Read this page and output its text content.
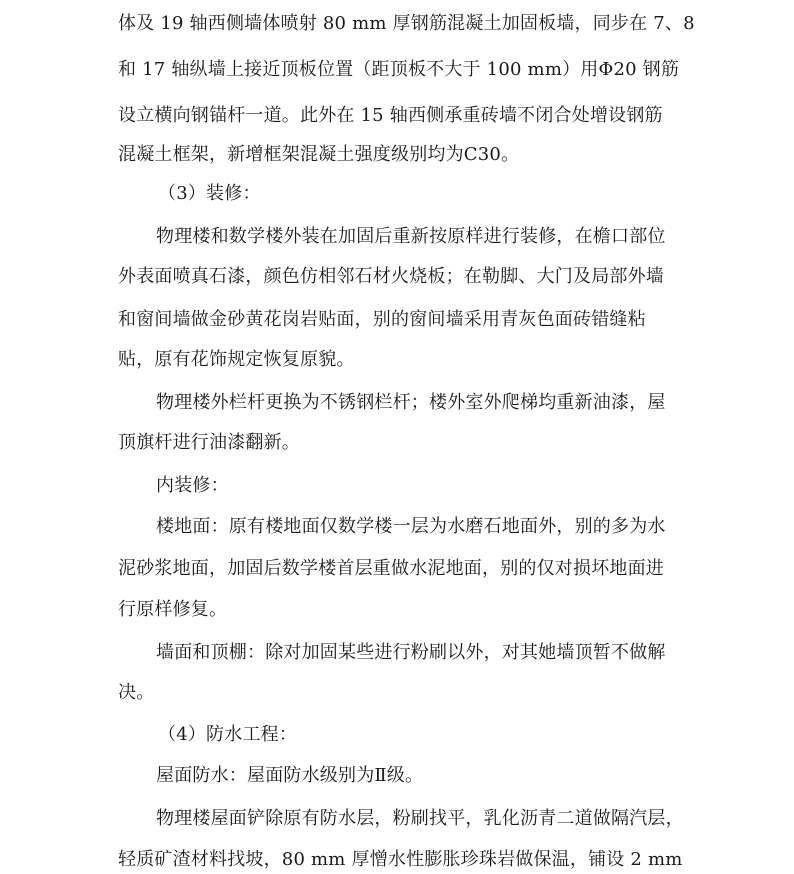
体及 19 轴西侧墙体喷射 80 mm 厚钢筋混凝土加固板墙，同步在 7、8
和 17 轴纵墙上接近顶板位置（距顶板不大于 100 mm）用Φ20 钢筋
设立横向钢锚杆一道。此外在 15 轴西侧承重砖墙不闭合处增设钢筋
混凝土框架，新增框架混凝土强度级别均为C30。
（3）装修：
物理楼和数学楼外装在加固后重新按原样进行装修，在檐口部位
外表面喷真石漆，颜色仿相邻石材火烧板；在勒脚、大门及局部外墙
和窗间墙做金砂黄花岗岩贴面，别的窗间墙采用青灰色面砖错缝粘
贴，原有花饰规定恢复原貌。
物理楼外栏杆更换为不锈钢栏杆；楼外室外爬梯均重新油漆，屋
顶旗杆进行油漆翻新。
内装修：
楼地面：原有楼地面仅数学楼一层为水磨石地面外，别的多为水
泥砂浆地面，加固后数学楼首层重做水泥地面，别的仅对损坏地面进
行原样修复。
墙面和顶棚：除对加固某些进行粉刷以外，对其她墙顶暂不做解
决。
（4）防水工程：
屋面防水：屋面防水级别为Ⅱ级。
物理楼屋面铲除原有防水层，粉刷找平，乳化沥青二道做隔汽层，
轻质矿渣材料找坡，80 mm 厚憎水性膨胀珍珠岩做保温，铺设 2 mm
